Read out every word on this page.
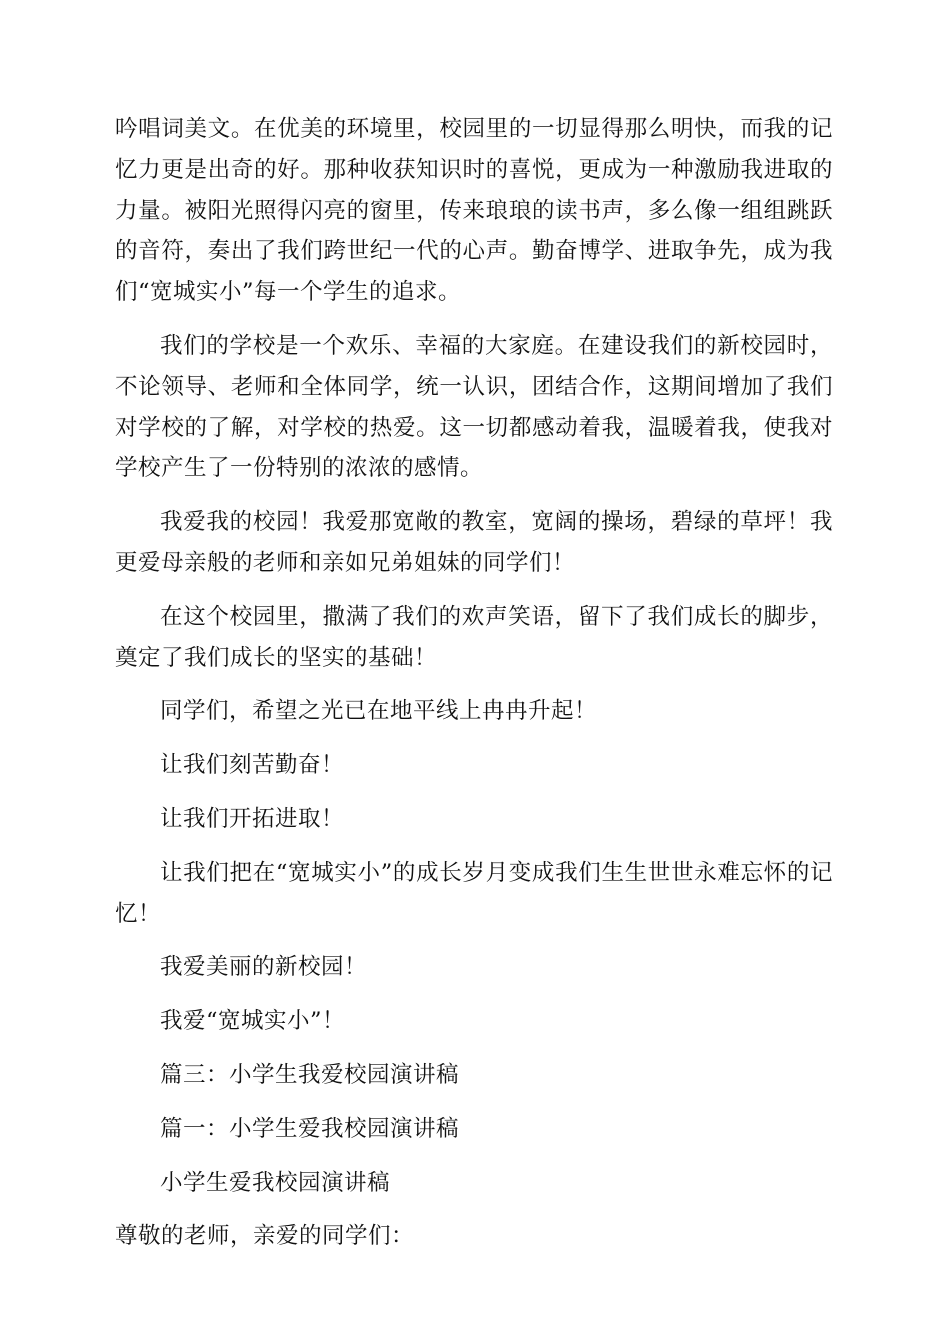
吟唱词美文。在优美的环境里，校园里的一切显得那么明快，而我的记忆力更是出奇的好。那种收获知识时的喜悦，更成为一种激励我进取的力量。被阳光照得闪亮的窗里，传来琅琅的读书声，多么像一组组跳跃的音符，奏出了我们跨世纪一代的心声。勤奋博学、进取争先，成为我们“宽城实小”每一个学生的追求。

我们的学校是一个欢乐、幸福的大家庭。在建设我们的新校园时，不论领导、老师和全体同学，统一认识，团结合作，这期间增加了我们对学校的了解，对学校的热爱。这一切都感动着我，温暖着我，使我对学校产生了一份特别的浓浓的感情。

我爱我的校园！我爱那宽敞的教室，宽阔的操场，碧绿的草坪！我更爱母亲般的老师和亲如兄弟姐妹的同学们！

在这个校园里，撒满了我们的欢声笑语，留下了我们成长的脚步，奠定了我们成长的坚实的基础！

同学们，希望之光已在地平线上冉冉升起！

让我们刻苦勤奋！

让我们开拓进取！

让我们把在“宽城实小”的成长岁月变成我们生生世世永难忘怀的记忆！

我爱美丽的新校园！

我爱“宽城实小”！

篇三：小学生我爱校园演讲稿

篇一：小学生爱我校园演讲稿

小学生爱我校园演讲稿

尊敬的老师，亲爱的同学们：
